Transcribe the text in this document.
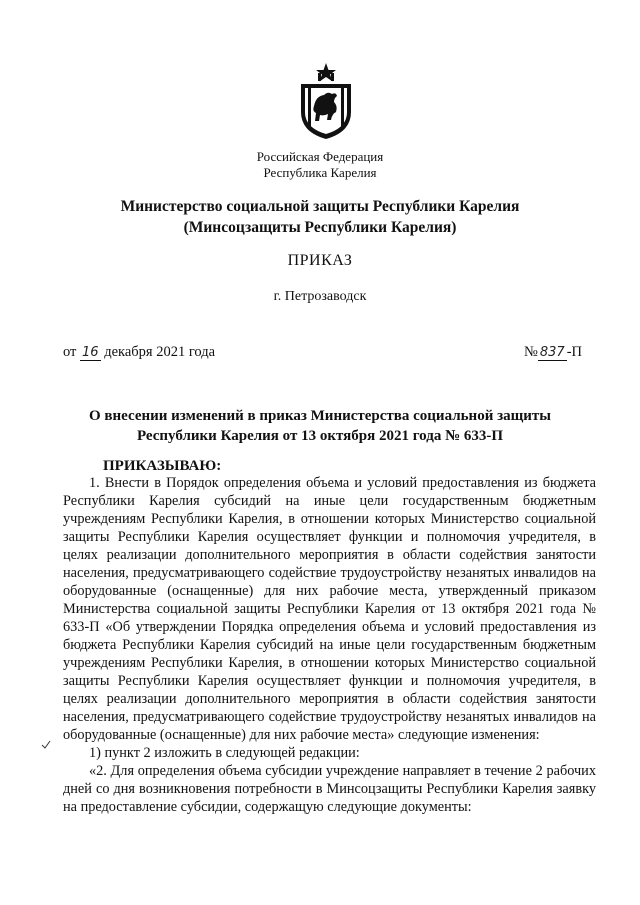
Российская Федерация
Республика Карелия
Министерство социальной защиты Республики Карелия
(Минсоцзащиты Республики Карелия)
ПРИКАЗ
г. Петрозаводск
от 16 декабря 2021 года	№ 837 -П
О внесении изменений в приказ Министерства социальной защиты
Республики Карелия от 13 октября 2021 года № 633-П
ПРИКАЗЫВАЮ:

1. Внести в Порядок определения объема и условий предоставления из бюджета Республики Карелия субсидий на иные цели государственным бюджетным учреждениям Республики Карелия, в отношении которых Министерство социальной защиты Республики Карелия осуществляет функции и полномочия учредителя, в целях реализации дополнительного мероприятия в области содействия занятости населения, предусматривающего содействие трудоустройству незанятых инвалидов на оборудованные (оснащенные) для них рабочие места, утвержденный приказом Министерства социальной защиты Республики Карелия от 13 октября 2021 года № 633-П «Об утверждении Порядка определения объема и условий предоставления из бюджета Республики Карелия субсидий на иные цели государственным бюджетным учреждениям Республики Карелия, в отношении которых Министерство социальной защиты Республики Карелия осуществляет функции и полномочия учредителя, в целях реализации дополнительного мероприятия в области содействия занятости населения, предусматривающего содействие трудоустройству незанятых инвалидов на оборудованные (оснащенные) для них рабочие места» следующие изменения:

1) пункт 2 изложить в следующей редакции:

«2. Для определения объема субсидии учреждение направляет в течение 2 рабочих дней со дня возникновения потребности в Минсоцзащиты Республики Карелия заявку на предоставление субсидии, содержащую следующие документы:
